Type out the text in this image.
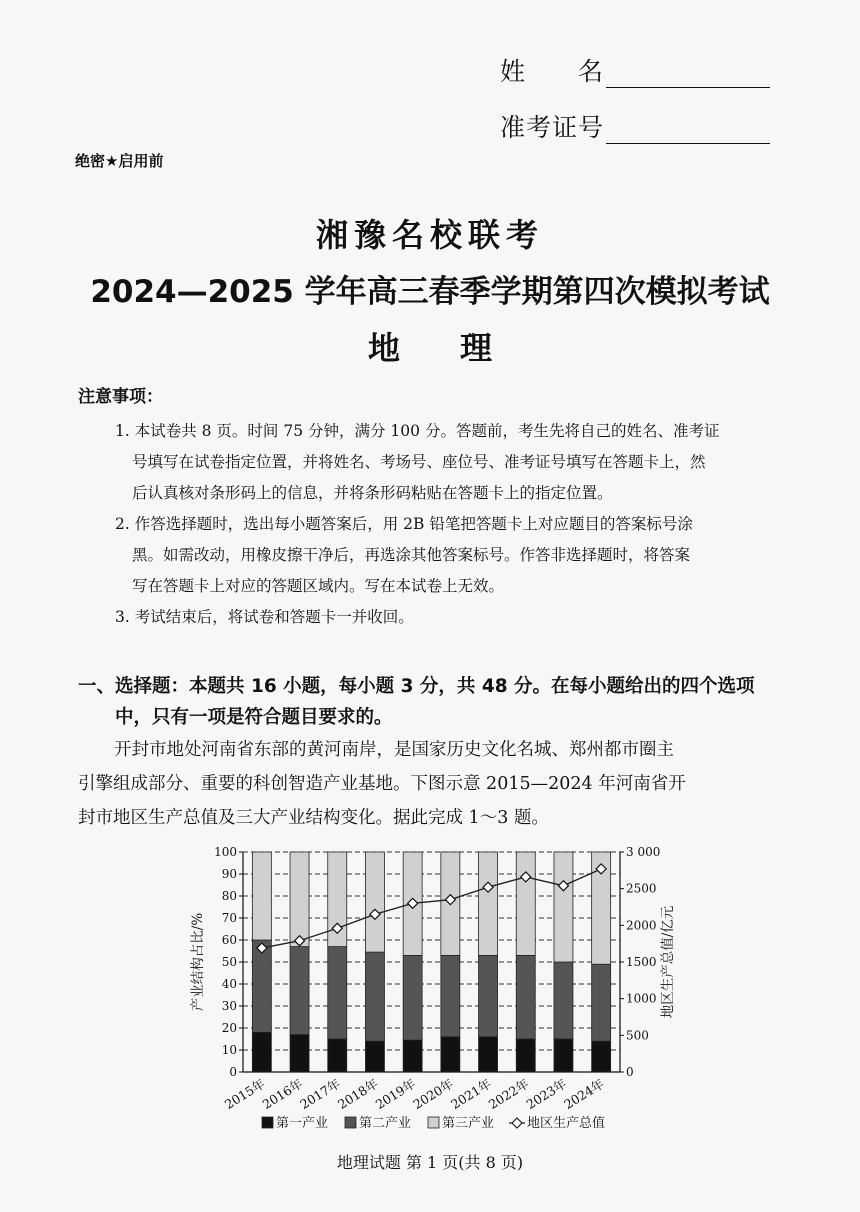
姓　　名
准考证号
绝密★启用前
湘豫名校联考
2024—2025 学年高三春季学期第四次模拟考试
地理
注意事项：
1. 本试卷共 8 页。时间 75 分钟，满分 100 分。答题前，考生先将自己的姓名、准考证
号填写在试卷指定位置，并将姓名、考场号、座位号、准考证号填写在答题卡上，然
后认真核对条形码上的信息，并将条形码粘贴在答题卡上的指定位置。
2. 作答选择题时，选出每小题答案后，用 2B 铅笔把答题卡上对应题目的答案标号涂
黑。如需改动，用橡皮擦干净后，再选涂其他答案标号。作答非选择题时，将答案
写在答题卡上对应的答题区域内。写在本试卷上无效。
3. 考试结束后，将试卷和答题卡一并收回。
一、选择题：本题共 16 小题，每小题 3 分，共 48 分。在每小题给出的四个选项
中，只有一项是符合题目要求的。
开封市地处河南省东部的黄河南岸，是国家历史文化名城、郑州都市圈主
引擎组成部分、重要的科创智造产业基地。下图示意 2015—2024 年河南省开
封市地区生产总值及三大产业结构变化。据此完成 1～3 题。
0
10
20
30
40
50
60
70
80
90
100
0
500
1000
1500
2000
2500
3 000
2015年
2016年
2017年
2018年
2019年
2020年
2021年
2022年
2023年
2024年
产业结构占比/%	地区生产总值/亿元
第一产业 第二产业 第三产业	地区生产总值
地理试题 第 1 页(共 8 页)
